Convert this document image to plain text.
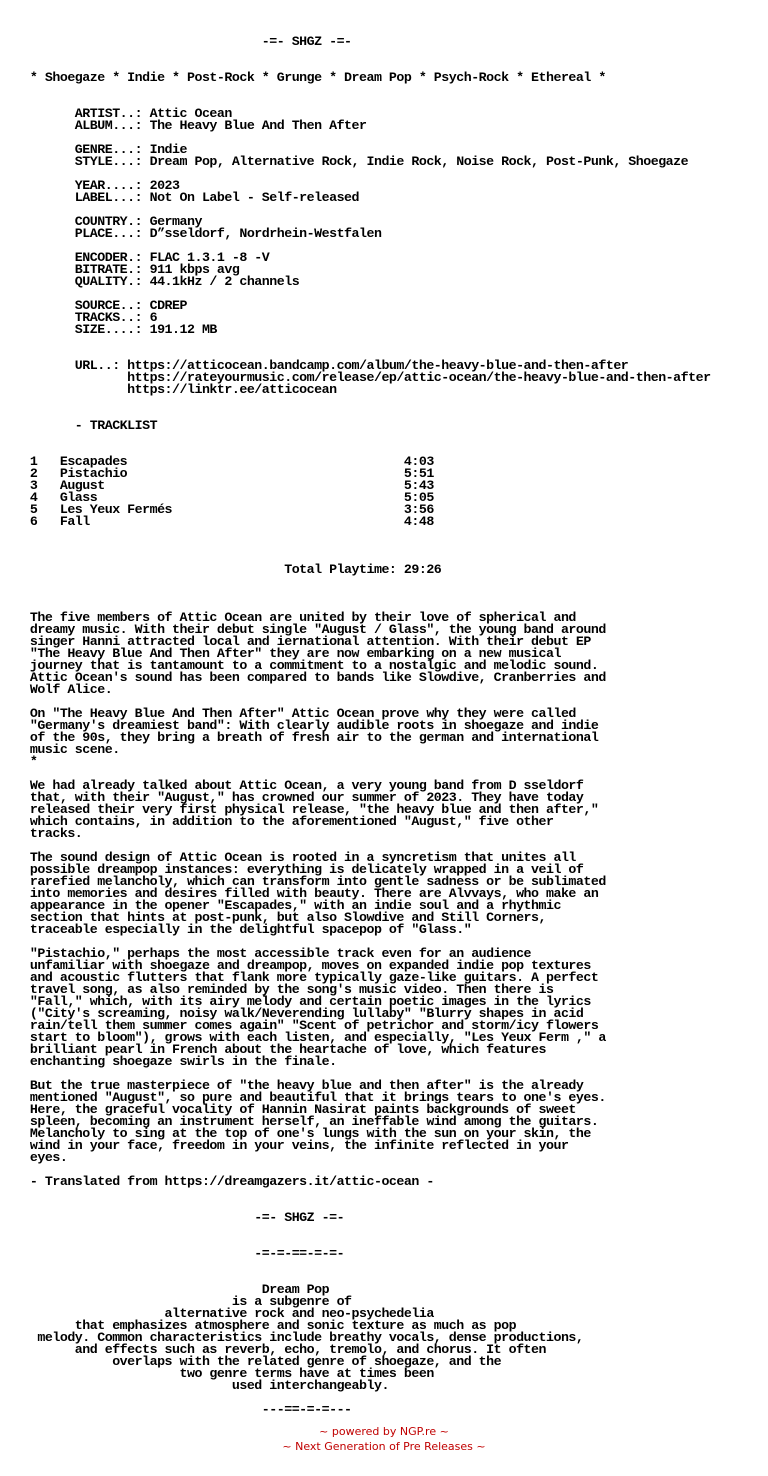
-=- SHGZ -=-

* Shoegaze * Indie * Post-Rock * Grunge * Dream Pop * Psych-Rock * Ethereal *

ARTIST..: Attic Ocean
ALBUM...: The Heavy Blue And Then After

GENRE...: Indie
STYLE...: Dream Pop, Alternative Rock, Indie Rock, Noise Rock, Post-Punk, Shoegaze

YEAR....: 2023
LABEL...: Not On Label - Self-released

COUNTRY.: Germany
PLACE...: D”sseldorf, Nordrhein-Westfalen

ENCODER.: FLAC 1.3.1 -8 -V
BITRATE.: 911 kbps avg
QUALITY.: 44.1kHz / 2 channels

SOURCE..: CDREP
TRACKS..: 6
SIZE....: 191.12 MB

URL..: https://atticocean.bandcamp.com/album/the-heavy-blue-and-then-after
https://rateyourmusic.com/release/ep/attic-ocean/the-heavy-blue-and-then-after
https://linktr.ee/atticocean

- TRACKLIST

1   Escapades                                     4:03
2   Pistachio                                     5:51
3   August                                        5:43
4   Glass                                         5:05
5   Les Yeux Fermés                               3:56
6   Fall                                          4:48

Total Playtime: 29:26

The five members of Attic Ocean are united by their love of spherical and
dreamy music. With their debut single "August / Glass", the young band around
singer Hanni attracted local and iernational attention. With their debut EP
"The Heavy Blue And Then After" they are now embarking on a new musical
journey that is tantamount to a commitment to a nostalgic and melodic sound.
Attic Ocean's sound has been compared to bands like Slowdive, Cranberries and
Wolf Alice.

On "The Heavy Blue And Then After" Attic Ocean prove why they were called
"Germany's dreamiest band": With clearly audible roots in shoegaze and indie
of the 90s, they bring a breath of fresh air to the german and international
music scene.
*

We had already talked about Attic Ocean, a very young band from D sseldorf
that, with their "August," has crowned our summer of 2023. They have today
released their very first physical release, "the heavy blue and then after,"
which contains, in addition to the aforementioned "August," five other
tracks.

The sound design of Attic Ocean is rooted in a syncretism that unites all
possible dreampop instances: everything is delicately wrapped in a veil of
rarefied melancholy, which can transform into gentle sadness or be sublimated
into memories and desires filled with beauty. There are Alvvays, who make an
appearance in the opener "Escapades," with an indie soul and a rhythmic
section that hints at post-punk, but also Slowdive and Still Corners,
traceable especially in the delightful spacepop of "Glass."

"Pistachio," perhaps the most accessible track even for an audience
unfamiliar with shoegaze and dreampop, moves on expanded indie pop textures
and acoustic flutters that flank more typically gaze-like guitars. A perfect
travel song, as also reminded by the song's music video. Then there is
"Fall," which, with its airy melody and certain poetic images in the lyrics
("City's screaming, noisy walk/Neverending lullaby" "Blurry shapes in acid
rain/tell them summer comes again" "Scent of petrichor and storm/icy flowers
start to bloom"), grows with each listen, and especially, "Les Yeux Ferm ," a
brilliant pearl in French about the heartache of love, which features
enchanting shoegaze swirls in the finale.

But the true masterpiece of "the heavy blue and then after" is the already
mentioned "August", so pure and beautiful that it brings tears to one's eyes.
Here, the graceful vocality of Hannin Nasirat paints backgrounds of sweet
spleen, becoming an instrument herself, an ineffable wind among the guitars.
Melancholy to sing at the top of one's lungs with the sun on your skin, the
wind in your face, freedom in your veins, the infinite reflected in your
eyes.

- Translated from https://dreamgazers.it/attic-ocean -

-=- SHGZ -=-

-=-=-==-=-=-

Dream Pop
is a subgenre of
alternative rock and neo-psychedelia
that emphasizes atmosphere and sonic texture as much as pop
melody. Common characteristics include breathy vocals, dense productions,
and effects such as reverb, echo, tremolo, and chorus. It often
overlaps with the related genre of shoegaze, and the
two genre terms have at times been
used interchangeably.

---==-=-=---
~ powered by NGP.re ~
~ Next Generation of Pre Releases ~
